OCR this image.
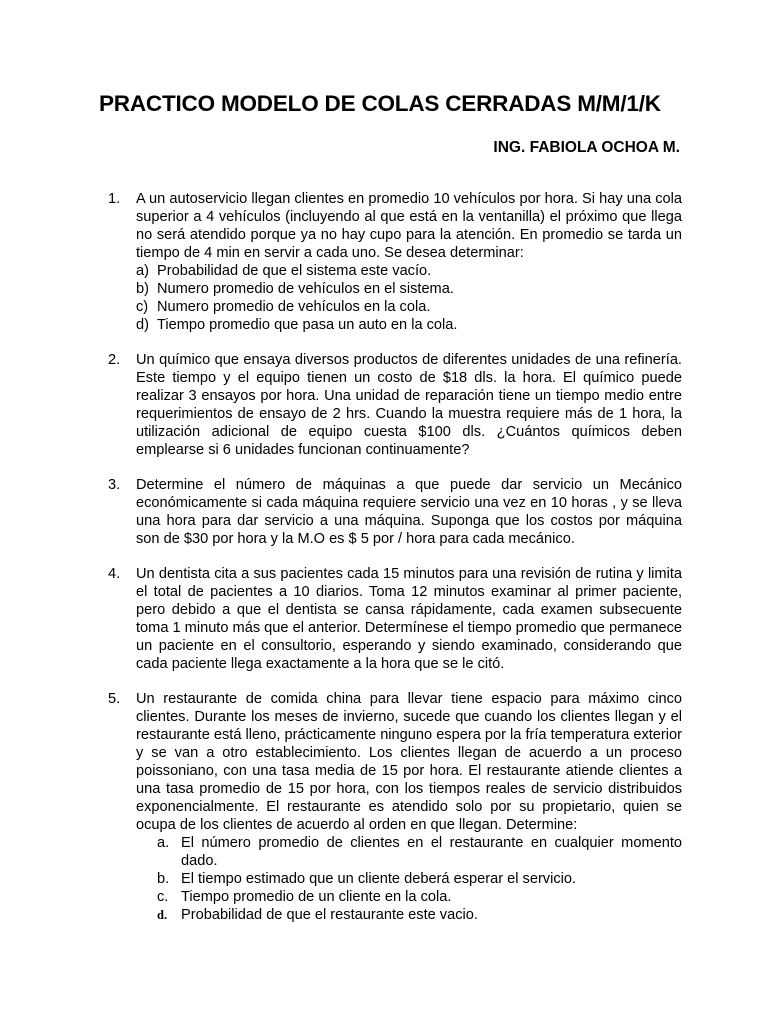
PRACTICO MODELO DE COLAS CERRADAS M/M/1/K
ING. FABIOLA OCHOA M.
1. A un autoservicio llegan clientes en promedio 10 vehículos por hora. Si hay una cola superior a 4 vehículos (incluyendo al que está en la ventanilla) el próximo que llega no será atendido porque ya no hay cupo para la atención. En promedio se tarda un tiempo de 4 min en servir a cada uno. Se desea determinar:
a) Probabilidad de que el sistema este vacío.
b) Numero promedio de vehículos en el sistema.
c) Numero promedio de vehículos en la cola.
d) Tiempo promedio que pasa un auto en la cola.
2. Un químico que ensaya diversos productos de diferentes unidades de una refinería. Este tiempo y el equipo tienen un costo de $18 dls. la hora. El químico puede realizar 3 ensayos por hora. Una unidad de reparación tiene un tiempo medio entre requerimientos de ensayo de 2 hrs. Cuando la muestra requiere más de 1 hora, la utilización adicional de equipo cuesta $100 dls. ¿Cuántos químicos deben emplearse si 6 unidades funcionan continuamente?
3. Determine el número de máquinas a que puede dar servicio un Mecánico económicamente si cada máquina requiere servicio una vez en 10 horas , y se lleva una hora para dar servicio a una máquina. Suponga que los costos por máquina son de $30 por hora y la M.O es $ 5 por / hora para cada mecánico.
4. Un dentista cita a sus pacientes cada 15 minutos para una revisión de rutina y limita el total de pacientes a 10 diarios. Toma 12 minutos examinar al primer paciente, pero debido a que el dentista se cansa rápidamente, cada examen subsecuente toma 1 minuto más que el anterior. Determínese el tiempo promedio que permanece un paciente en el consultorio, esperando y siendo examinado, considerando que cada paciente llega exactamente a la hora que se le citó.
5. Un restaurante de comida china para llevar tiene espacio para máximo cinco clientes. Durante los meses de invierno, sucede que cuando los clientes llegan y el restaurante está lleno, prácticamente ninguno espera por la fría temperatura exterior y se van a otro establecimiento. Los clientes llegan de acuerdo a un proceso poissoniano, con una tasa media de 15 por hora. El restaurante atiende clientes a una tasa promedio de 15 por hora, con los tiempos reales de servicio distribuidos exponencialmente. El restaurante es atendido solo por su propietario, quien se ocupa de los clientes de acuerdo al orden en que llegan. Determine:
a. El número promedio de clientes en el restaurante en cualquier momento dado.
b. El tiempo estimado que un cliente deberá esperar el servicio.
c. Tiempo promedio de un cliente en la cola.
d. Probabilidad de que el restaurante este vacio.
